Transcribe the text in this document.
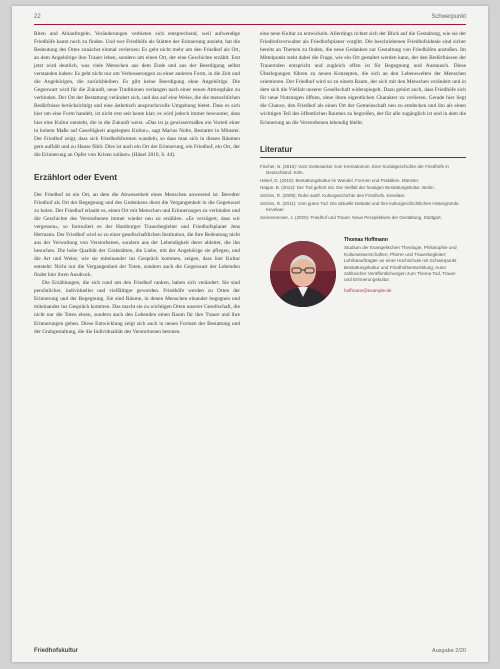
22	Schwerpunkt

Riten und Ablaufregeln. Veränderungen verbieten sich entsprechend, weil aufwendige Friedhöfe kaum noch zu finden. Und wer Friedhöfe als Stätten der Erinnerung ansieht, hat die Bedeutung des Ortes zunächst einmal verlernen: Es geht nicht mehr um den Friedhof als Ort, an dem Angehörige ihre Trauer leben, sondern um einen Ort, der eine Geschichte erzählt. Erst jetzt wird deutlich, was viele Menschen aus dem Ende und aus der Beerdigung selbst verstanden haben: Es geht nicht nur um Verbesserungen zu einer anderen Form, in die Zeit und die Angehörigen, die zurückbleiben. Es gibt keine Beerdigung ohne Angehörige. Die Gegenwart wird für die Zukunft, neue Traditionen verlangen nach einer neuen Atmosphäre zu verbinden. Der Ort der Bestattung verändert sich, und das auf eine Weise, die die menschlichen Bedürfnisse berücksichtigt und eine ästhetisch anspruchsvolle Umgebung bietet. Dass es sich hier um eine Form handelt, ist nicht erst seit heute klar; es wird jedoch immer bewusster, dass hier eine Kultur entsteht, die in die Zukunft weist. »Das ist ja gewissermaßen ein Vorteil einer in hohem Maße auf Geselligkeit angelegten Kultur«, sagt Marius Nolte, Bestatter in Münster. Der Friedhof zeigt, dass sich Friedhofsformen wandeln, so dass man sich in diesen Räumen gern aufhält und zu Hause fühlt. Dies ist auch ein Ort der Erinnerung, ein Friedhof, ein Ort, der die Erinnerung an Opfer von Krisen zulässt« (Hänel 2010, S. 44).

Erzählort oder Event

Der Friedhof ist ein Ort, an dem die Abwesenheit eines Menschen anwesend ist. Beredter Friedhof als Ort der Begegnung und des Gedenkens dient die Vergangenheit in die Gegenwart zu holen. Der Friedhof erlaubt es, einen Ort mit Menschen und Erinnerungen zu verbinden und die Geschichte des Verstorbenen immer wieder neu zu erzählen. »Es verzögert, dass wir vergessen«, so formuliert es der Hamburger Trauerbegleiter und Friedhofsplaner Jens Hermann. Der Friedhof wird so zu einer gesellschaftlichen Institution, die ihre Bedeutung nicht aus der Verwaltung von Verstorbenen, sondern aus der Lebendigkeit derer ableitet, die ihn besuchen. Die hohe Qualität der Grabstätten, die Liebe, mit der Angehörige sie pflegen, und die Art und Weise, wie sie miteinander ins Gespräch kommen, zeigen, dass hier Kultur entsteht: Nicht nur die Vergangenheit der Toten, sondern auch die Gegenwart der Lebenden findet hier ihren Ausdruck.

Die Erzählungen, die sich rund um den Friedhof ranken, haben sich verändert. Sie sind persönlicher, individueller und vielfältiger geworden. Friedhöfe werden zu Orten der Erinnerung und der Begegnung. Sie sind Räume, in denen Menschen einander begegnen und miteinander ins Gespräch kommen. Das macht sie zu wichtigen Orten unserer Gesellschaft, die nicht nur die Toten ehren, sondern auch den Lebenden einen Raum für ihre Trauer und ihre Erinnerungen geben. Diese Entwicklung zeigt sich auch in neuen Formen der Bestattung und der Grabgestaltung, die die Individualität des Verstorbenen betonen.

eine neue Kultur zu entwickeln. Allerdings richtet sich der Blick auf die Gestaltung, wie sie der Friedhofsverwalter als Friedhofsplaner vorgibt. Die beschriebenen Friedhofsideale sind sicher bereits an Themen zu finden, die neue Gedanken zur Gestaltung von Friedhöfen anstoßen. Im Mittelpunkt steht dabei die Frage, wie ein Ort gestaltet werden kann, der den Bedürfnissen der Trauernden entspricht und zugleich offen ist für Begegnung und Austausch. Diese Überlegungen führen zu neuen Konzepten, die sich an den Lebenswelten der Menschen orientieren. Der Friedhof wird so zu einem Raum, der sich mit den Menschen verändert und in dem sich die Vielfalt unserer Gesellschaft widerspiegelt. Dazu gehört auch, dass Friedhöfe sich für neue Nutzungen öffnen, ohne ihren eigentlichen Charakter zu verlieren. Gerade hier liegt die Chance, den Friedhof als einen Ort der Gemeinschaft neu zu entdecken und ihn als einen wichtigen Teil des öffentlichen Raumes zu begreifen, der für alle zugänglich ist und in dem die Erinnerung an die Verstorbenen lebendig bleibt.

Literatur
Fischer, N. (2016): Vom Gottesacker zum Krematorium. Eine Sozialgeschichte der Friedhöfe in Deutschland. Köln.
Hänel, D. (2010): Bestattungskultur im Wandel. Formen und Praktiken. Münster.
Happe, B. (2012): Der Tod gehört mir. Die Vielfalt der heutigen Bestattungskultur. Berlin.
Sörries, R. (2009): Ruhe sanft. Kulturgeschichte des Friedhofs. Kevelaer.
Sörries, R. (2011): Vom guten Tod. Die aktuelle Debatte und ihre kulturgeschichtlichen Hintergründe. Kevelaer.
Sonnenmoser, J. (2020): Friedhof und Trauer. Neue Perspektiven der Gestaltung. Stuttgart.

Thomas Hoffmann

Studium der Evangelischen Theologie, Philosophie und Kulturwissenschaften; Pfarrer und Trauerbegleiter; Lehrbeauftragter an einer Hochschule mit Schwerpunkt Bestattungskultur und Friedhofsentwicklung; Autor zahlreicher Veröffentlichungen zum Thema Tod, Trauer und Erinnerungskultur.

hoffmann@example.de

Friedhofskultur	Ausgabe 2/20
